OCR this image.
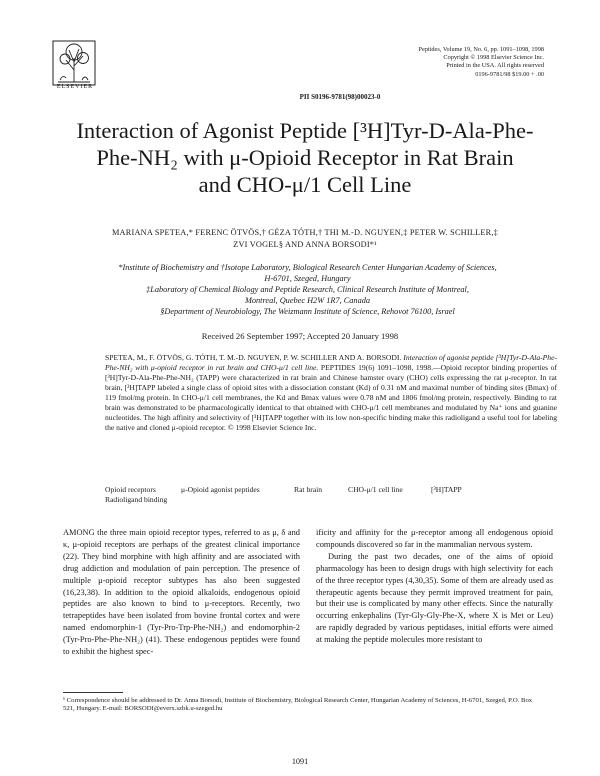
ELSEVIER
Peptides, Volume 19, No. 6, pp. 1091–1098, 1998
Copyright © 1998 Elsevier Science Inc.
Printed in the USA. All rights reserved
0196-9781/98 $19.00 + .00
PII S0196-9781(98)00023-0
Interaction of Agonist Peptide [³H]Tyr-D-Ala-Phe-
Phe-NH₂ with μ-Opioid Receptor in Rat Brain
and CHO-μ/1 Cell Line
MARIANA SPETEA,* FERENC ÖTVÖS,† GÉZA TÓTH,† THI M.-D. NGUYEN,‡ PETER W. SCHILLER,‡
ZVI VOGEL§ AND ANNA BORSODI*¹
*Institute of Biochemistry and †Isotope Laboratory, Biological Research Center Hungarian Academy of Sciences,
H-6701, Szeged, Hungary
‡Laboratory of Chemical Biology and Peptide Research, Clinical Research Institute of Montreal,
Montreal, Quebec H2W 1R7, Canada
§Department of Neurobiology, The Weizmann Institute of Science, Rehovot 76100, Israel
Received 26 September 1997; Accepted 20 January 1998
SPETEA, M., F. ÖTVÖS, G. TÓTH, T. M.-D. NGUYEN, P. W. SCHILLER AND A. BORSODI. Interaction of agonist peptide [³H]Tyr-D-Ala-Phe-Phe-NH₂ with μ-opioid receptor in rat brain and CHO-μ/1 cell line. PEPTIDES 19(6) 1091–1098, 1998.—Opioid receptor binding properties of [³H]Tyr-D-Ala-Phe-Phe-NH₂ (TAPP) were characterized in rat brain and Chinese hamster ovary (CHO) cells expressing the rat μ-receptor. In rat brain, [³H]TAPP labeled a single class of opioid sites with a dissociation constant (Kd) of 0.31 nM and maximal number of binding sites (Bmax) of 119 fmol/mg protein. In CHO-μ/1 cell membranes, the Kd and Bmax values were 0.78 nM and 1806 fmol/mg protein, respectively. Binding to rat brain was demonstrated to be pharmacologically identical to that obtained with CHO-μ/1 cell membranes and modulated by Na⁺ ions and guanine nucleotides. The high affinity and selectivity of [³H]TAPP together with its low non-specific binding make this radioligand a useful tool for labeling the native and cloned μ-opioid receptor. © 1998 Elsevier Science Inc.
Opioid receptors	μ-Opioid agonist peptides	Rat brain	CHO-μ/1 cell line	[³H]TAPP
Radioligand binding

AMONG the three main opioid receptor types, referred to as μ, δ and κ, μ-opioid receptors are perhaps of the greatest clinical importance (22). They bind morphine with high affinity and are associated with drug addiction and modulation of pain perception. The presence of multiple μ-opioid receptor subtypes has also been suggested (16,23,38). In addition to the opioid alkaloids, endogenous opioid peptides are also known to bind to μ-receptors. Recently, two tetrapeptides have been isolated from bovine frontal cortex and were named endomorphin-1 (Tyr-Pro-Trp-Phe-NH₂) and endomorphin-2 (Tyr-Pro-Phe-Phe-NH₂) (41). These endogenous peptides were found to exhibit the highest spec-

ificity and affinity for the μ-receptor among all endogenous opioid compounds discovered so far in the mammalian nervous system.

During the past two decades, one of the aims of opioid pharmacology has been to design drugs with high selectivity for each of the three receptor types (4,30,35). Some of them are already used as therapeutic agents because they permit improved treatment for pain, but their use is complicated by many other effects. Since the naturally occurring enkephalins (Tyr-Gly-Gly-Phe-X, where X is Met or Leu) are rapidly degraded by various peptidases, initial efforts were aimed at making the peptide molecules more resistant to

¹ Correspondence should be addressed to Dr. Anna Borsodi, Institute of Biochemistry, Biological Research Center, Hungarian Academy of Sciences, H-6701, Szeged, P.O. Box 521, Hungary. E-mail: BORSODI@everx.szbk.u-szeged.hu
1091
